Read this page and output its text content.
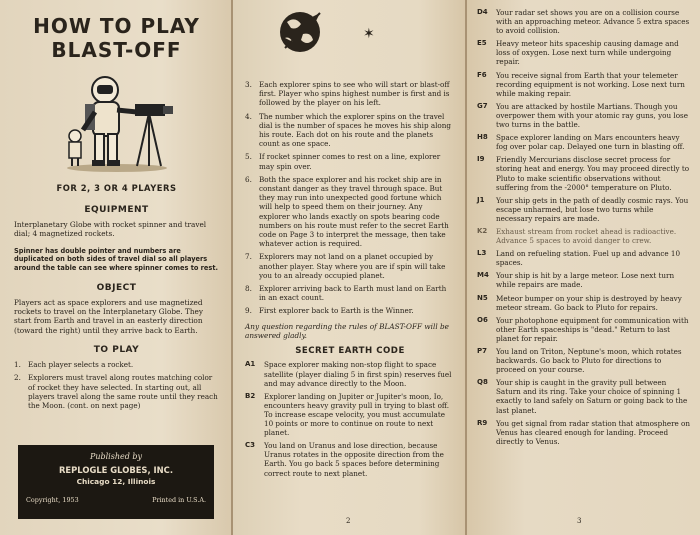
HOW TO PLAY
BLAST-OFF

FOR 2, 3 OR 4 PLAYERS

EQUIPMENT

Interplanetary Globe with rocket spinner and travel dial; 4 magnetized rockets.

Spinner has double pointer and numbers are duplicated on both sides of travel dial so all players around the table can see where spinner comes to rest.

OBJECT

Players act as space explorers and use magnetized rockets to travel on the Interplanetary Globe. They start from Earth and travel in an easterly direction (toward the right) until they arrive back to Earth.

TO PLAY

1. Each player selects a rocket.
2. Explorers must travel along routes matching color of rocket they have selected. In starting out, all players travel along the same route until they reach the Moon. (cont. on next page)
Published by
REPLOGLE GLOBES, INC.
Chicago 12, Illinois
Copyright, 1953	Printed in U.S.A.
✶
3. Each explorer spins to see who will start or blast-off first. Player who spins highest number is first and is followed by the player on his left.
4. The number which the explorer spins on the travel dial is the number of spaces he moves his ship along his route. Each dot on his route and the planets count as one space.
5. If rocket spinner comes to rest on a line, explorer may spin over.
6. Both the space explorer and his rocket ship are in constant danger as they travel through space. But they may run into unexpected good fortune which will help to speed them on their journey. Any explorer who lands exactly on spots bearing code numbers on his route must refer to the secret Earth code on Page 3 to interpret the message, then take whatever action is required.
7. Explorers may not land on a planet occupied by another player. Stay where you are if spin will take you to an already occupied planet.
8. Explorer arriving back to Earth must land on Earth in an exact count.
9. First explorer back to Earth is the Winner.

Any question regarding the rules of BLAST-OFF will be answered gladly.

SECRET EARTH CODE

A1 Space explorer making non-stop flight to space satellite (player dialing 5 in first spin) reserves fuel and may advance directly to the Moon.
B2 Explorer landing on Jupiter or Jupiter's moon, Io, encounters heavy gravity pull in trying to blast off. To increase escape velocity, you must accumulate 10 points or more to continue on route to next planet.
C3 You land on Uranus and lose direction, because Uranus rotates in the opposite direction from the Earth. You go back 5 spaces before determining correct route to next planet.
2
D4 Your radar set shows you are on a collision course with an approaching meteor. Advance 5 extra spaces to avoid collision.
E5 Heavy meteor hits spaceship causing damage and loss of oxygen. Lose next turn while undergoing repair.
F6 You receive signal from Earth that your telemeter recording equipment is not working. Lose next turn while making repair.
G7 You are attacked by hostile Martians. Though you overpower them with your atomic ray guns, you lose two turns in the battle.
H8 Space explorer landing on Mars encounters heavy fog over polar cap. Delayed one turn in blasting off.
I9 Friendly Mercurians disclose secret process for storing heat and energy. You may proceed directly to Pluto to make scientific observations without suffering from the -2000° temperature on Pluto.
J1 Your ship gets in the path of deadly cosmic rays. You escape unharmed, but lose two turns while necessary repairs are made.
K2 Exhaust stream from rocket ahead is radioactive. Advance 5 spaces to avoid danger to crew.
L3 Land on refueling station. Fuel up and advance 10 spaces.
M4 Your ship is hit by a large meteor. Lose next turn while repairs are made.
N5 Meteor bumper on your ship is destroyed by heavy meteor stream. Go back to Pluto for repairs.
O6 Your photophone equipment for communication with other Earth spaceships is "dead." Return to last planet for repair.
P7 You land on Triton, Neptune's moon, which rotates backwards. Go back to Pluto for directions to proceed on your course.
Q8 Your ship is caught in the gravity pull between Saturn and its ring. Take your choice of spinning 1 exactly to land safely on Saturn or going back to the last planet.
R9 You get signal from radar station that atmosphere on Venus has cleared enough for landing. Proceed directly to Venus.
3
